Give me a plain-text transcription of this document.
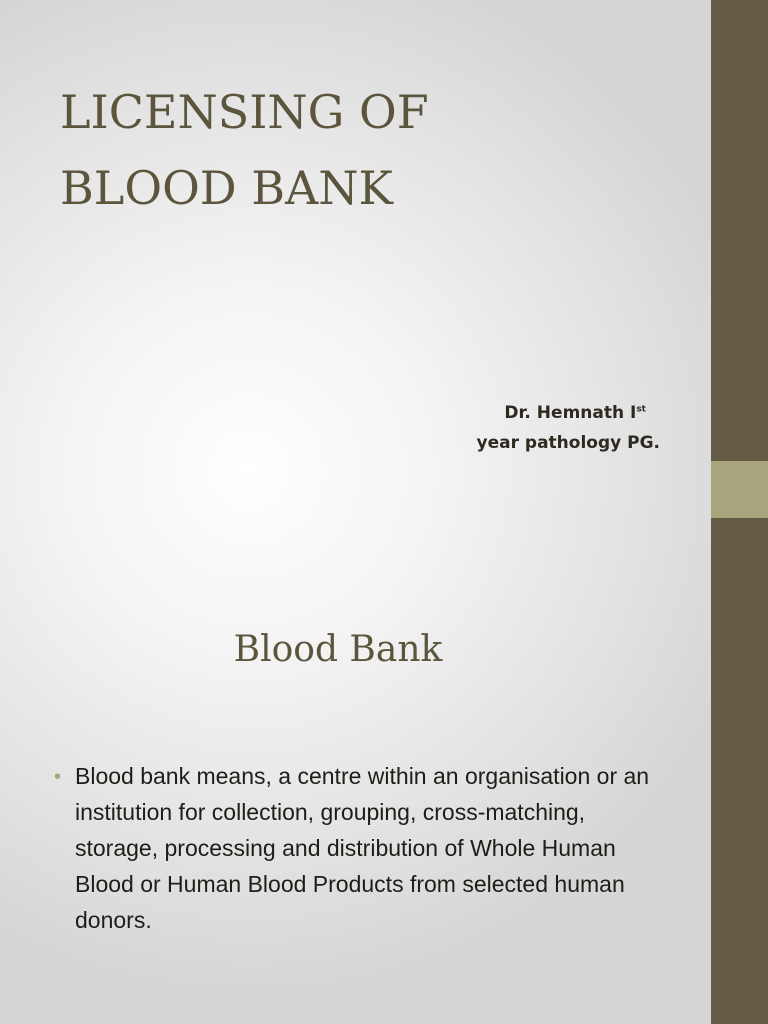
LICENSING OF
BLOOD BANK
Dr. Hemnath Ist
year pathology PG.
Blood Bank
• Blood bank means, a centre within an organisation or an institution for collection, grouping, cross-matching, storage, processing and distribution of Whole Human Blood or Human Blood Products from selected human donors.
